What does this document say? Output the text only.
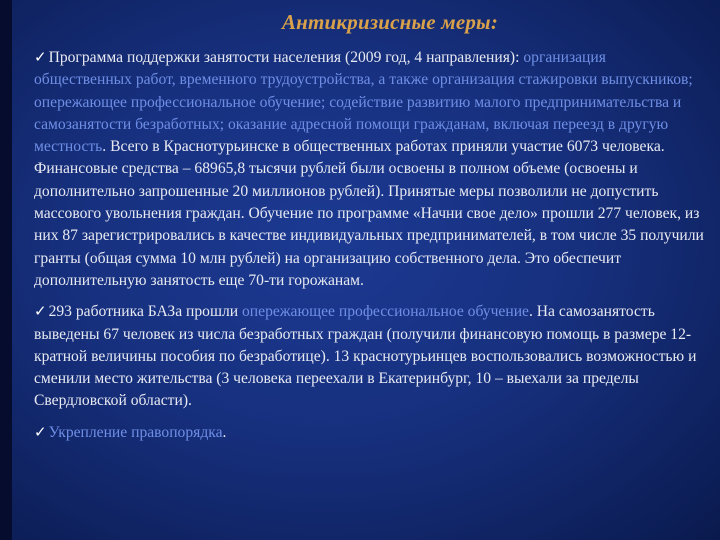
Антикризисные меры:

✓ Программа поддержки занятости населения (2009 год, 4 направления): организация общественных работ, временного трудоустройства, а также организация стажировки выпускников; опережающее профессиональное обучение; содействие развитию малого предпринимательства и самозанятости безработных; оказание адресной помощи гражданам, включая переезд в другую местность. Всего в Краснотурьинске в общественных работах приняли участие 6073 человека. Финансовые средства – 68965,8 тысячи рублей были освоены в полном объеме (освоены и дополнительно запрошенные 20 миллионов рублей). Принятые меры позволили не допустить массового увольнения граждан. Обучение по программе «Начни свое дело» прошли 277 человек, из них 87 зарегистрировались в качестве индивидуальных предпринимателей, в том числе 35 получили гранты (общая сумма 10 млн рублей) на организацию собственного дела. Это обеспечит дополнительную занятость еще 70-ти горожанам.

✓ 293 работника БАЗа прошли опережающее профессиональное обучение. На самозанятость выведены 67 человек из числа безработных граждан (получили финансовую помощь в размере 12-кратной величины пособия по безработице). 13 краснотурьинцев воспользовались возможностью и сменили место жительства (3 человека переехали в Екатеринбург, 10 – выехали за пределы Свердловской области).

✓ Укрепление правопорядка.
